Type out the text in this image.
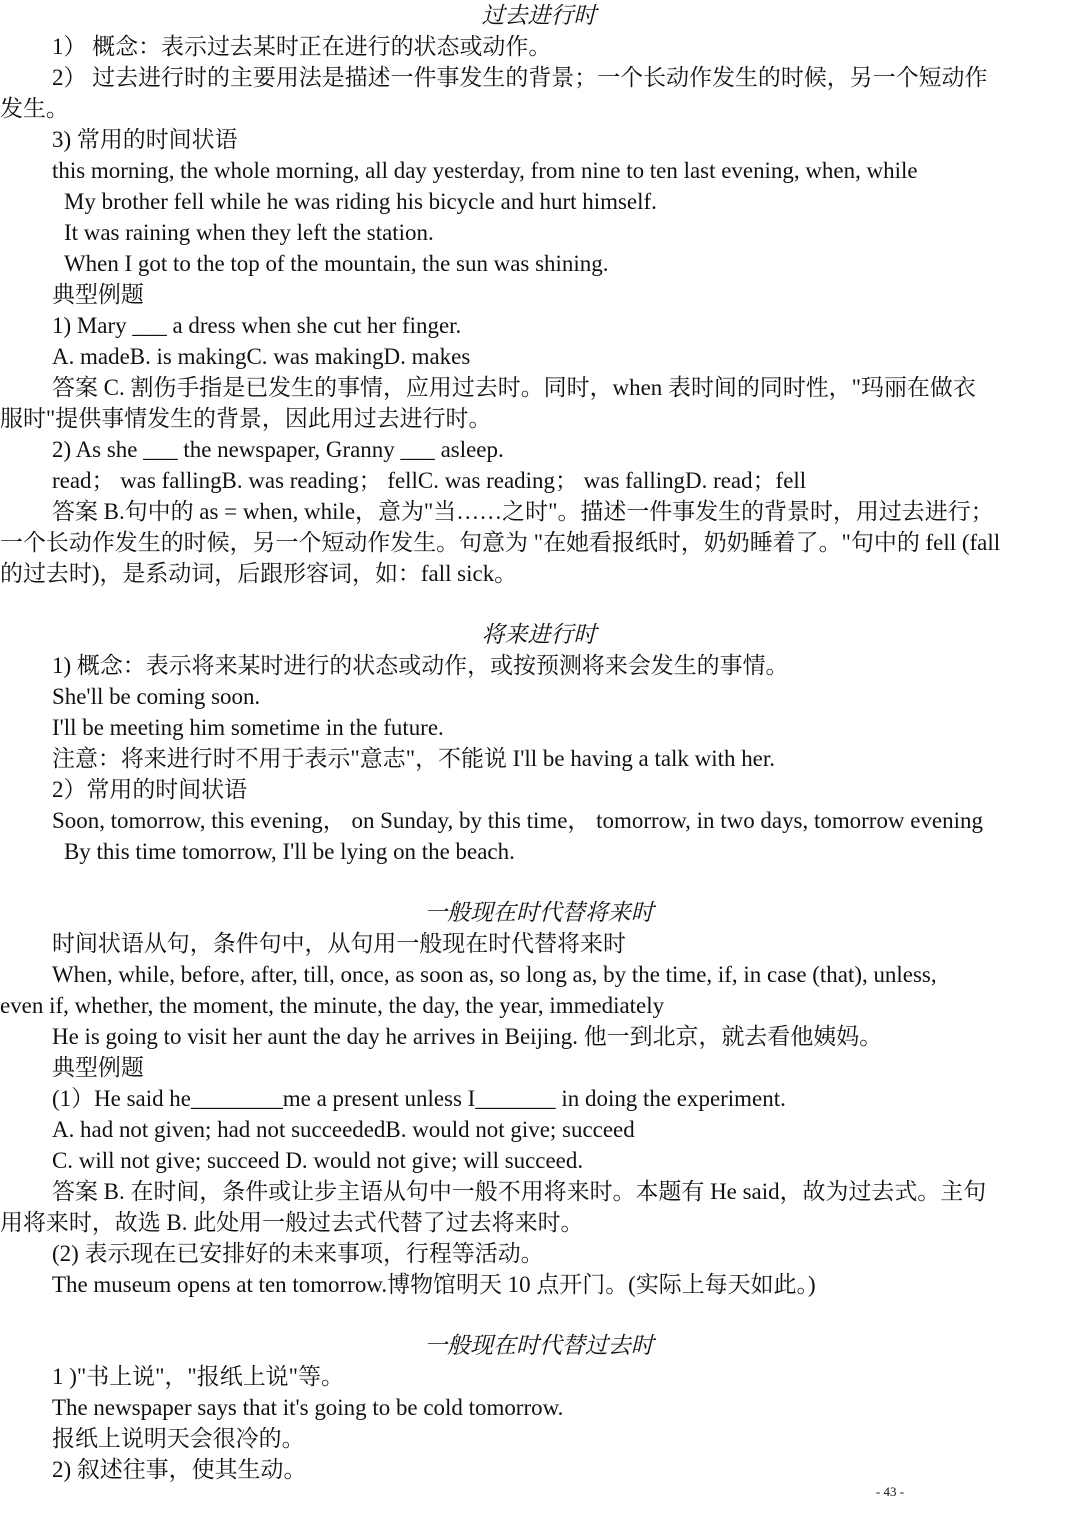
过去进行时
1） 概念：表示过去某时正在进行的状态或动作。
2） 过去进行时的主要用法是描述一件事发生的背景；一个长动作发生的时候，另一个短动作
发生。
3) 常用的时间状语
this morning, the whole morning, all day yesterday, from nine to ten last evening, when, while
My brother fell while he was riding his bicycle and hurt himself.
It was raining when they left the station.
When I got to the top of the mountain, the sun was shining.
典型例题
1) Mary ___ a dress when she cut her finger.
A. madeB. is makingC. was makingD. makes
答案 C. 割伤手指是已发生的事情，应用过去时。同时，when 表时间的同时性，"玛丽在做衣
服时"提供事情发生的背景，因此用过去进行时。
2) As she ___ the newspaper, Granny ___ asleep.
read； was fallingB. was reading； fellC. was reading； was fallingD. read；fell
答案 B.句中的 as = when, while，意为"当……之时"。描述一件事发生的背景时，用过去进行；
一个长动作发生的时候，另一个短动作发生。句意为 "在她看报纸时，奶奶睡着了。"句中的 fell (fall
的过去时)，是系动词，后跟形容词，如：fall sick。
将来进行时
1) 概念：表示将来某时进行的状态或动作，或按预测将来会发生的事情。
She'll be coming soon.
I'll be meeting him sometime in the future.
注意：将来进行时不用于表示"意志"，不能说 I'll be having a talk with her.
2）常用的时间状语
Soon, tomorrow, this evening， on Sunday, by this time， tomorrow, in two days, tomorrow evening
By this time tomorrow, I'll be lying on the beach.
一般现在时代替将来时
时间状语从句，条件句中，从句用一般现在时代替将来时
When, while, before, after, till, once, as soon as, so long as, by the time, if, in case (that), unless,
even if, whether, the moment, the minute, the day, the year, immediately
He is going to visit her aunt the day he arrives in Beijing. 他一到北京，就去看他姨妈。
典型例题
(1）He said he________me a present unless I_______ in doing the experiment.
A. had not given; had not succeededB. would not give; succeed
C. will not give; succeed D. would not give; will succeed.
答案 B. 在时间，条件或让步主语从句中一般不用将来时。本题有 He said，故为过去式。主句
用将来时，故选 B. 此处用一般过去式代替了过去将来时。
(2) 表示现在已安排好的未来事项，行程等活动。
The museum opens at ten tomorrow.博物馆明天 10 点开门。(实际上每天如此。)
一般现在时代替过去时
1 )"书上说"，"报纸上说"等。
The newspaper says that it's going to be cold tomorrow.
报纸上说明天会很冷的。
2) 叙述往事，使其生动。
- 43 -
